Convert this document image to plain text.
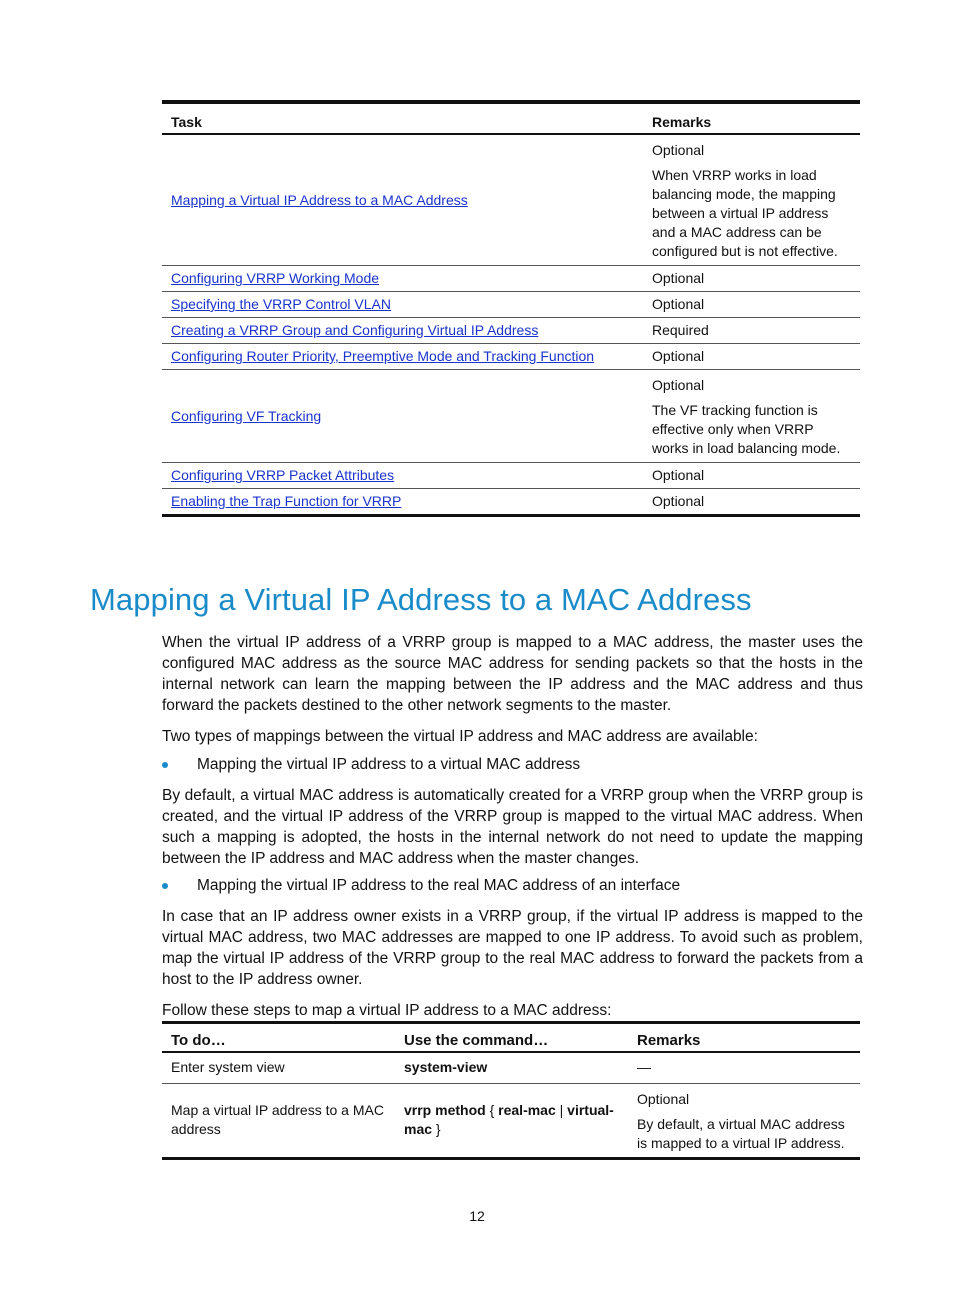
Task	Remarks
Mapping a Virtual IP Address to a MAC Address	Optional

When VRRP works in load balancing mode, the mapping between a virtual IP address and a MAC address can be configured but is not effective.

Configuring VRRP Working Mode	Optional

Specifying the VRRP Control VLAN	Optional

Creating a VRRP Group and Configuring Virtual IP Address	Required

Configuring Router Priority, Preemptive Mode and Tracking Function	Optional

Configuring VF Tracking	Optional

The VF tracking function is effective only when VRRP works in load balancing mode.

Configuring VRRP Packet Attributes	Optional

Enabling the Trap Function for VRRP	Optional

Mapping a Virtual IP Address to a MAC Address

When the virtual IP address of a VRRP group is mapped to a MAC address, the master uses the configured MAC address as the source MAC address for sending packets so that the hosts in the internal network can learn the mapping between the IP address and the MAC address and thus forward the packets destined to the other network segments to the master.

Two types of mappings between the virtual IP address and MAC address are available:

Mapping the virtual IP address to a virtual MAC address

By default, a virtual MAC address is automatically created for a VRRP group when the VRRP group is created, and the virtual IP address of the VRRP group is mapped to the virtual MAC address. When such a mapping is adopted, the hosts in the internal network do not need to update the mapping between the IP address and MAC address when the master changes.

Mapping the virtual IP address to the real MAC address of an interface

In case that an IP address owner exists in a VRRP group, if the virtual IP address is mapped to the virtual MAC address, two MAC addresses are mapped to one IP address. To avoid such as problem, map the virtual IP address of the VRRP group to the real MAC address to forward the packets from a host to the IP address owner.

Follow these steps to map a virtual IP address to a MAC address:

To do…	Use the command…	Remarks
Enter system view	system-view	—
Map a virtual IP address to a MAC address	vrrp method { real-mac | virtual-mac }	Optional

By default, a virtual MAC address is mapped to a virtual IP address.

12
